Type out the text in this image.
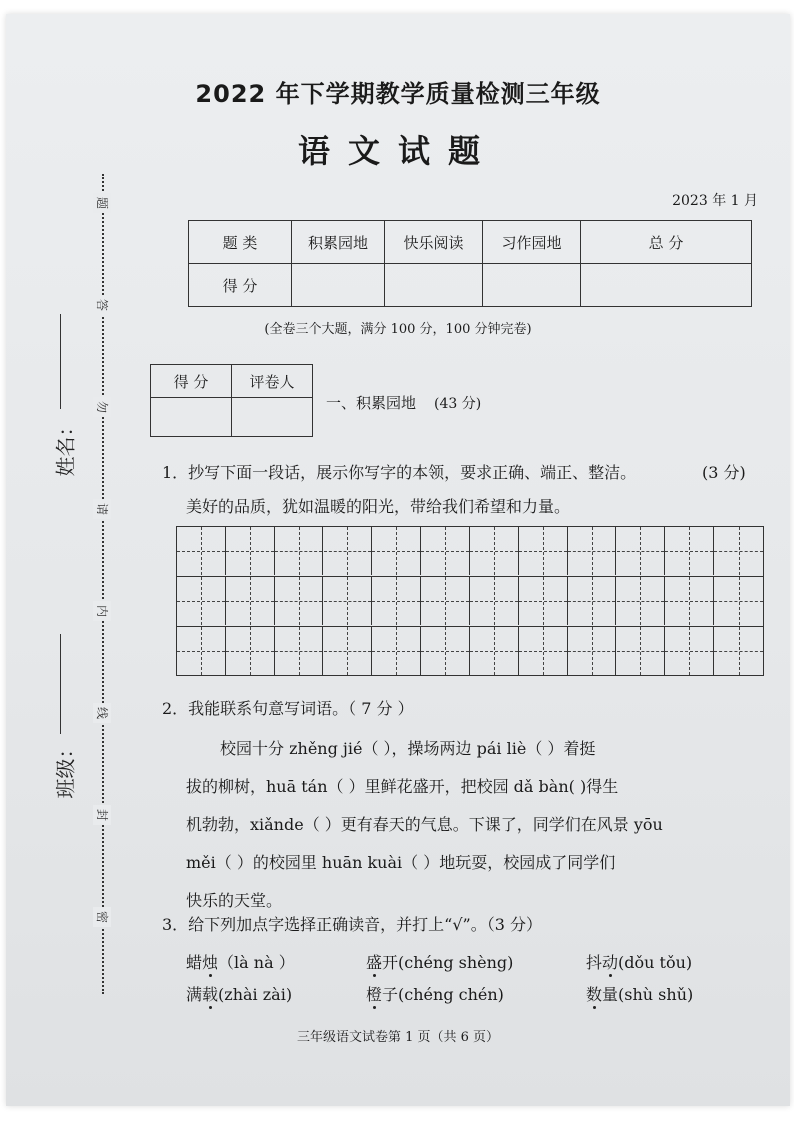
题
答
勿
请
内
线
封
密
姓名：
班级：
2022 年下学期教学质量检测三年级
语文试题
2023 年 1 月
题 类	积累园地	快乐阅读	习作园地	总 分
得 分				
(全卷三个大题，满分 100 分，100 分钟完卷)
得 分	评卷人

一、积累园地 (43 分)
1．抄写下面一段话，展示你写字的本领，要求正确、端正、整洁。	(3 分)
美好的品质，犹如温暖的阳光，带给我们希望和力量。
2．我能联系句意写词语。（ 7 分 ）
校园十分 zhěng jié（ ），操场两边 pái liè（ ）着挺
拔的柳树，huā tán（ ）里鲜花盛开，把校园 dǎ bàn( )得生
机勃勃，xiǎnde（ ）更有春天的气息。下课了，同学们在风景 yōu
měi（ ）的校园里 huān kuài（ ）地玩耍，校园成了同学们
快乐的天堂。
3．给下列加点字选择正确读音，并打上“√”。（3 分）
蜡烛（là nà ）	盛开(chéng shèng)	抖动(dǒu tǒu)
满载(zhài zài)	橙子(chéng chén)	数量(shù shǔ)
三年级语文试卷第 1 页（共 6 页）
